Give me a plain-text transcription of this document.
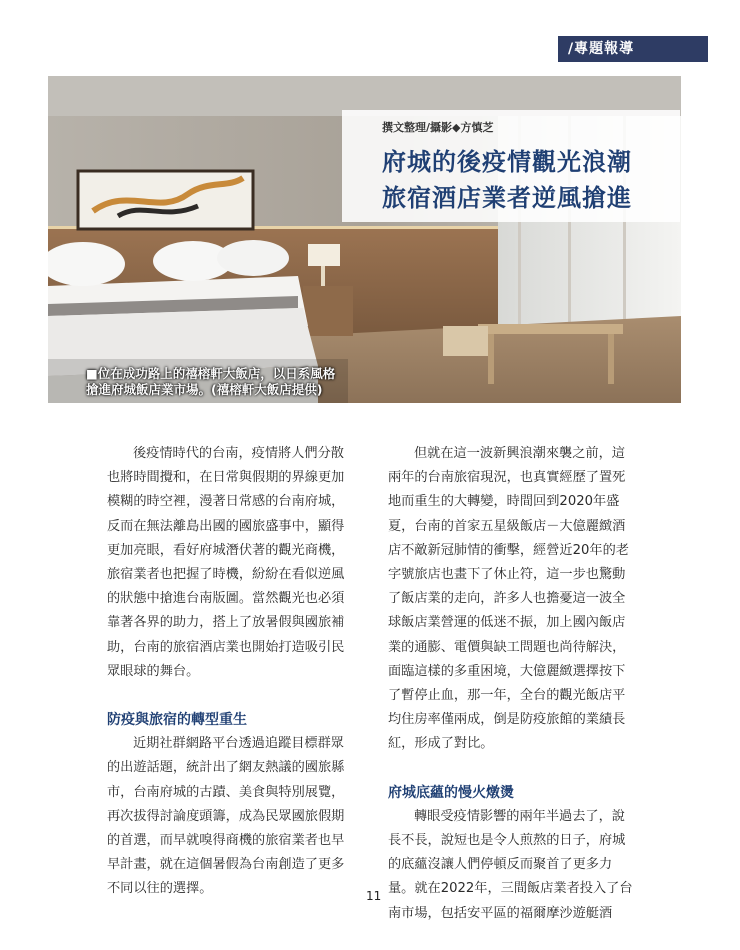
/專題報導
撰文整理/攝影◆方慎芝
府城的後疫情觀光浪潮
旅宿酒店業者逆風搶進
■位在成功路上的禧榕軒大飯店，以日系風格
搶進府城飯店業市場。(禧榕軒大飯店提供)
後疫情時代的台南，疫情將人們分散
也將時間攪和，在日常與假期的界線更加
模糊的時空裡，漫著日常感的台南府城，
反而在無法離島出國的國旅盛事中，顯得
更加亮眼，看好府城潛伏著的觀光商機，
旅宿業者也把握了時機，紛紛在看似逆風
的狀態中搶進台南版圖。當然觀光也必須
靠著各界的助力，搭上了放暑假與國旅補
助，台南的旅宿酒店業也開始打造吸引民
眾眼球的舞台。
防疫與旅宿的轉型重生
近期社群網路平台透過追蹤目標群眾
的出遊話題，統計出了網友熱議的國旅縣
市，台南府城的古蹟、美食與特別展覽，
再次拔得討論度頭籌，成為民眾國旅假期
的首選，而早就嗅得商機的旅宿業者也早
早計畫，就在這個暑假為台南創造了更多
不同以往的選擇。
但就在這一波新興浪潮來襲之前，這
兩年的台南旅宿現況，也真實經歷了置死
地而重生的大轉變，時間回到2020年盛
夏，台南的首家五星級飯店－大億麗緻酒
店不敵新冠肺情的衝擊，經營近20年的老
字號旅店也畫下了休止符，這一步也驚動
了飯店業的走向，許多人也擔憂這一波全
球飯店業營運的低迷不振，加上國內飯店
業的通膨、電價與缺工問題也尚待解決，
面臨這樣的多重困境，大億麗緻選擇按下
了暫停止血，那一年，全台的觀光飯店平
均住房率僅兩成，倒是防疫旅館的業績長
紅，形成了對比。
府城底蘊的慢火燉燙
轉眼受疫情影響的兩年半過去了，說
長不長，說短也是令人煎熬的日子，府城
的底蘊沒讓人們停頓反而聚首了更多力
量。就在2022年，三間飯店業者投入了台
南市場，包括安平區的福爾摩沙遊艇酒
11
